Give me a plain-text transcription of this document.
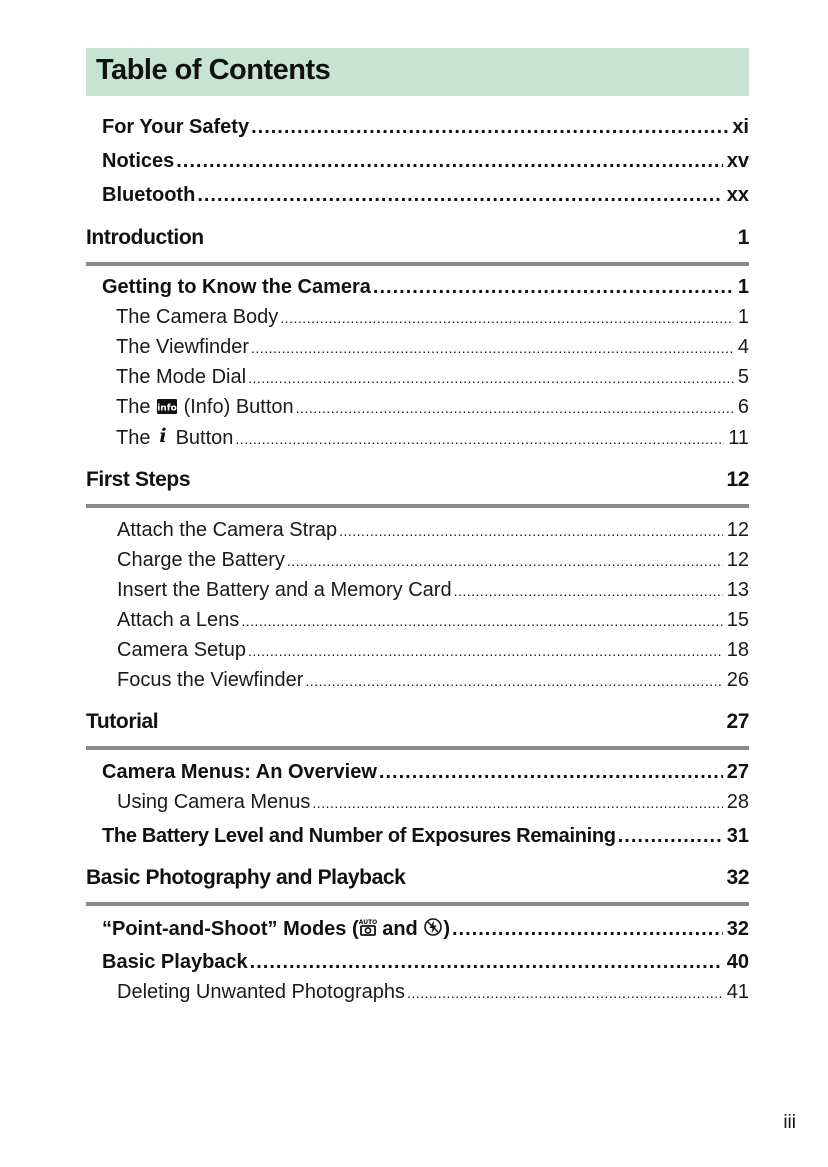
Table of Contents
For Your Safety .....	xi
Notices .....	xv
Bluetooth .....	xx
Introduction	1
Getting to Know the Camera .....	1
The Camera Body .....	1
The Viewfinder .....	4
The Mode Dial .....	5
The info (Info) Button .....	6
The i Button .....	11
First Steps	12
Attach the Camera Strap .....	12
Charge the Battery .....	12
Insert the Battery and a Memory Card .....	13
Attach a Lens .....	15
Camera Setup .....	18
Focus the Viewfinder .....	26
Tutorial	27
Camera Menus: An Overview .....	27
Using Camera Menus .....	28
The Battery Level and Number of Exposures Remaining .....	31
Basic Photography and Playback	32
“Point-and-Shoot” Modes ( AUTO and ) .....	32
Basic Playback .....	40
Deleting Unwanted Photographs .....	41
iii
